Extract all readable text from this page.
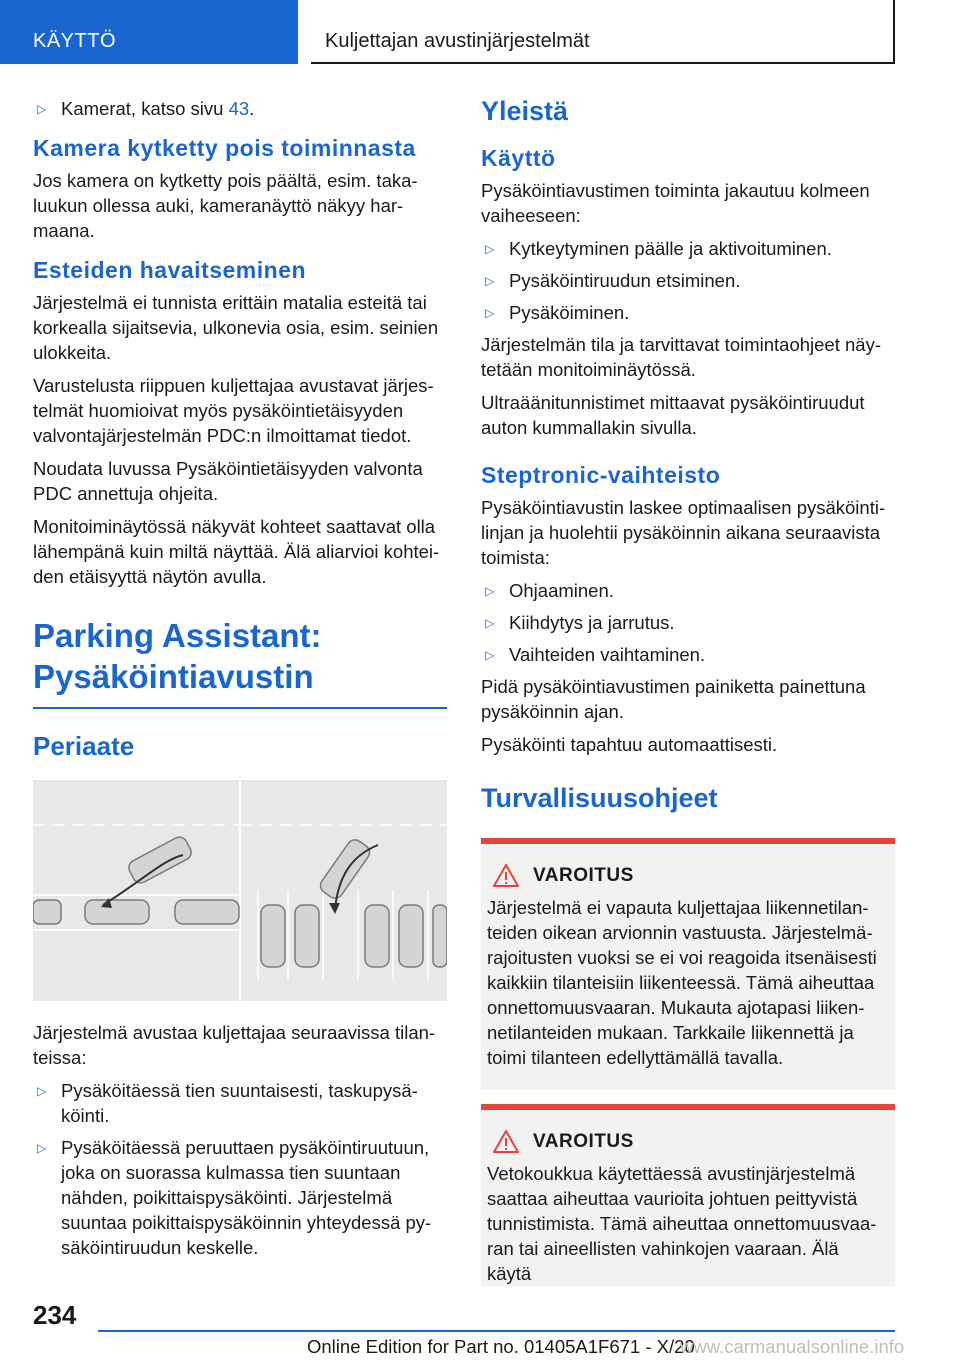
KÄYTTÖ	Kuljettajan avustinjärjestelmät
▷ Kamerat, katso sivu 43.
Kamera kytketty pois toiminnasta

Jos kamera on kytketty pois päältä, esim. taka-luukun ollessa auki, kameranäyttö näkyy har-maana.

Esteiden havaitseminen

Järjestelmä ei tunnista erittäin matalia esteitä tai korkealla sijaitsevia, ulkonevia osia, esim. seinien ulokkeita.

Varustelusta riippuen kuljettajaa avustavat järjes-telmät huomioivat myös pysäköintietäisyyden valvontajärjestelmän PDC:n ilmoittamat tiedot.

Noudata luvussa Pysäköintietäisyyden valvonta PDC annettuja ohjeita.

Monitoiminäytössä näkyvät kohteet saattavat olla lähempänä kuin miltä näyttää. Älä aliarvioi kohtei-den etäisyyttä näytön avulla.

Parking Assistant:
Pysäköintiavustin
Periaate

Järjestelmä avustaa kuljettajaa seuraavissa tilan-teissa:

▷ Pysäköitäessä tien suuntaisesti, taskupysä-köinti.
▷ Pysäköitäessä peruuttaen pysäköintiruutuun, joka on suorassa kulmassa tien suuntaan nähden, poikittaispysäköinti. Järjestelmä suuntaa poikittaispysäköinnin yhteydessä py-säköintiruudun keskelle.
Yleistä
Käyttö

Pysäköintiavustimen toiminta jakautuu kolmeen vaiheeseen:

▷ Kytkeytyminen päälle ja aktivoituminen.
▷ Pysäköintiruudun etsiminen.
▷ Pysäköiminen.

Järjestelmän tila ja tarvittavat toimintaohjeet näy-tetään monitoiminäytössä.

Ultraäänitunnistimet mittaavat pysäköintiruudut auton kummallakin sivulla.

Steptronic-vaihteisto

Pysäköintiavustin laskee optimaalisen pysäköinti-linjan ja huolehtii pysäköinnin aikana seuraavista toimista:

▷ Ohjaaminen.
▷ Kiihdytys ja jarrutus.
▷ Vaihteiden vaihtaminen.

Pidä pysäköintiavustimen painiketta painettuna pysäköinnin ajan.

Pysäköinti tapahtuu automaattisesti.

Turvallisuusohjeet
VAROITUS

Järjestelmä ei vapauta kuljettajaa liikennetilan-teiden oikean arvionnin vastuusta. Järjestelmä-rajoitusten vuoksi se ei voi reagoida itsenäisesti kaikkiin tilanteisiin liikenteessä. Tämä aiheuttaa onnettomuusvaaran. Mukauta ajotapasi liiken-netilanteiden mukaan. Tarkkaile liikennettä ja toimi tilanteen edellyttämällä tavalla.

VAROITUS

Vetokoukkua käytettäessä avustinjärjestelmä saattaa aiheuttaa vaurioita johtuen peittyvistä tunnistimista. Tämä aiheuttaa onnettomuusvaa-ran tai aineellisten vahinkojen vaaraan. Älä käytä

234
Online Edition for Part no. 01405A1F671 - X/20
www.carmanualsonline.info
